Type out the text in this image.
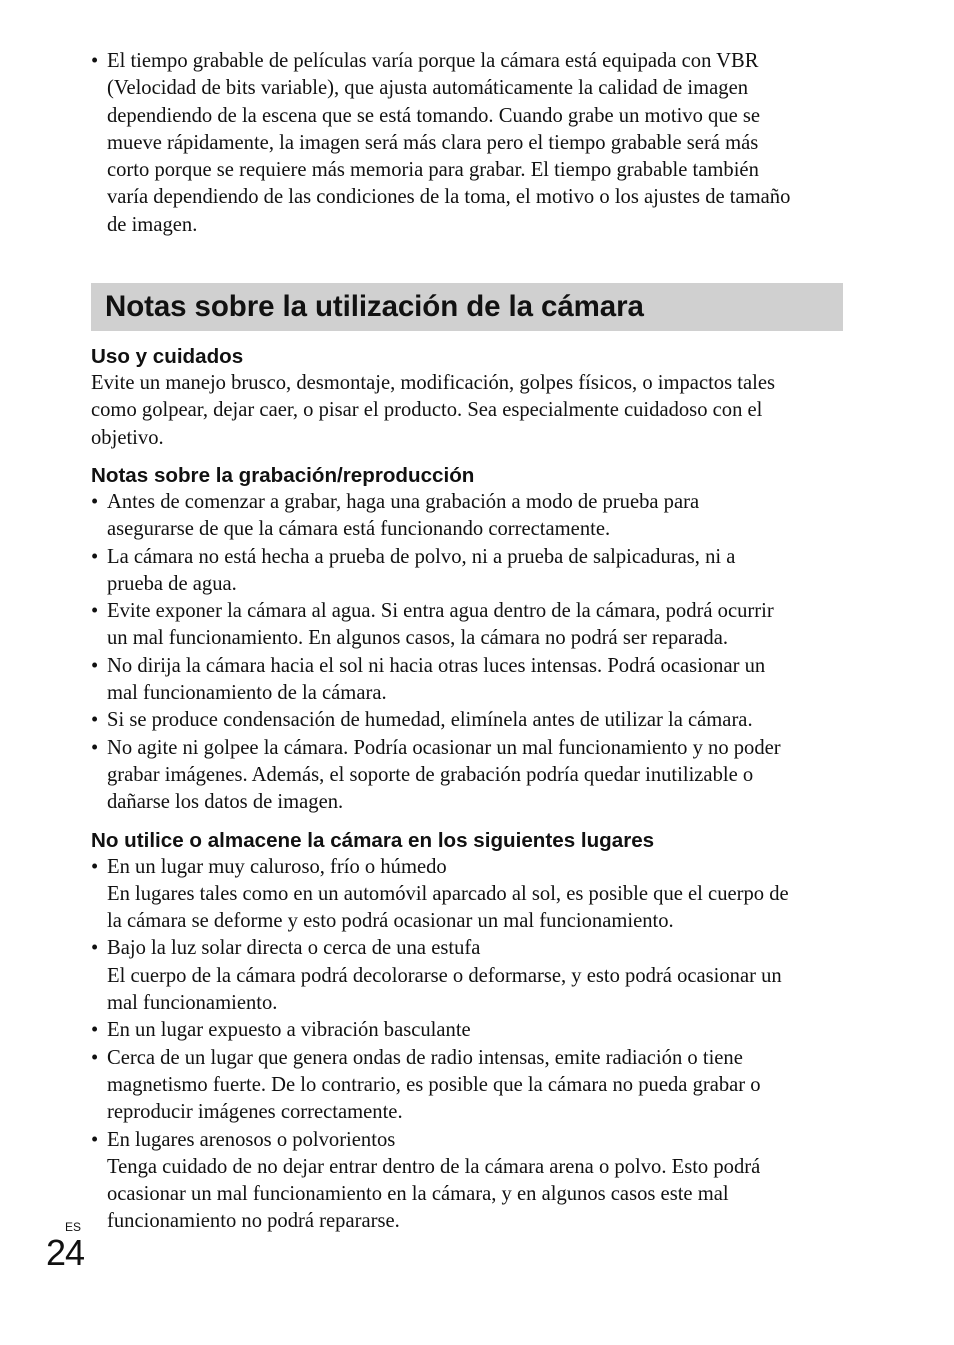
• El tiempo grabable de películas varía porque la cámara está equipada con VBR
(Velocidad de bits variable), que ajusta automáticamente la calidad de imagen
dependiendo de la escena que se está tomando. Cuando grabe un motivo que se
mueve rápidamente, la imagen será más clara pero el tiempo grabable será más
corto porque se requiere más memoria para grabar. El tiempo grabable también
varía dependiendo de las condiciones de la toma, el motivo o los ajustes de tamaño
de imagen.
Notas sobre la utilización de la cámara
Uso y cuidados

Evite un manejo brusco, desmontaje, modificación, golpes físicos, o impactos tales
como golpear, dejar caer, o pisar el producto. Sea especialmente cuidadoso con el
objetivo.

Notas sobre la grabación/reproducción
• Antes de comenzar a grabar, haga una grabación a modo de prueba para
asegurarse de que la cámara está funcionando correctamente.
• La cámara no está hecha a prueba de polvo, ni a prueba de salpicaduras, ni a
prueba de agua.
• Evite exponer la cámara al agua. Si entra agua dentro de la cámara, podrá ocurrir
un mal funcionamiento. En algunos casos, la cámara no podrá ser reparada.
• No dirija la cámara hacia el sol ni hacia otras luces intensas. Podrá ocasionar un
mal funcionamiento de la cámara.
• Si se produce condensación de humedad, elimínela antes de utilizar la cámara.
• No agite ni golpee la cámara. Podría ocasionar un mal funcionamiento y no poder
grabar imágenes. Además, el soporte de grabación podría quedar inutilizable o
dañarse los datos de imagen.
No utilice o almacene la cámara en los siguientes lugares
• En un lugar muy caluroso, frío o húmedo
En lugares tales como en un automóvil aparcado al sol, es posible que el cuerpo de
la cámara se deforme y esto podrá ocasionar un mal funcionamiento.
• Bajo la luz solar directa o cerca de una estufa
El cuerpo de la cámara podrá decolorarse o deformarse, y esto podrá ocasionar un
mal funcionamiento.
• En un lugar expuesto a vibración basculante
• Cerca de un lugar que genera ondas de radio intensas, emite radiación o tiene
magnetismo fuerte. De lo contrario, es posible que la cámara no pueda grabar o
reproducir imágenes correctamente.
• En lugares arenosos o polvorientos
Tenga cuidado de no dejar entrar dentro de la cámara arena o polvo. Esto podrá
ocasionar un mal funcionamiento en la cámara, y en algunos casos este mal
funcionamiento no podrá repararse.
ES
24
